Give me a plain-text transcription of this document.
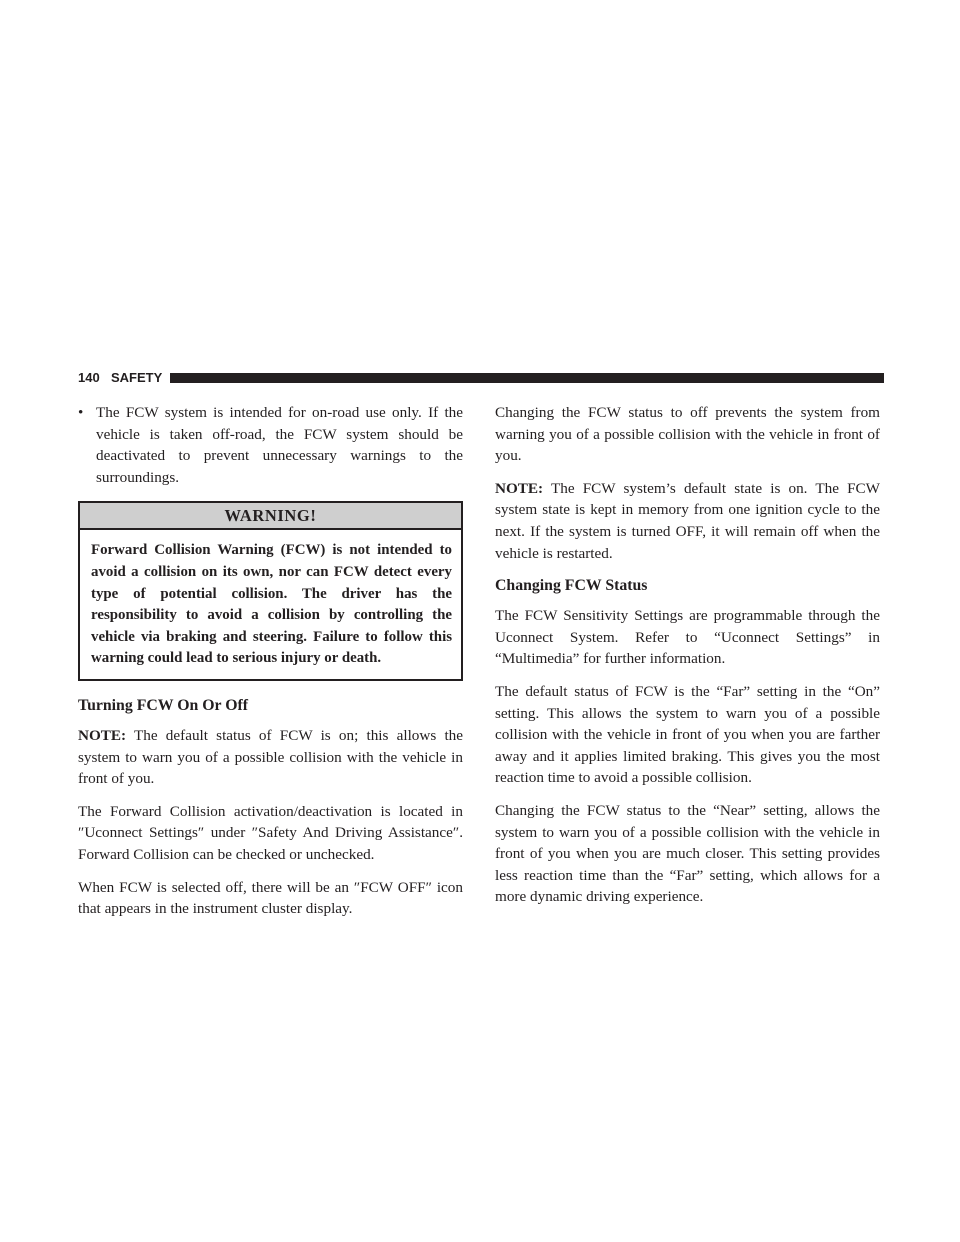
140 SAFETY
• The FCW system is intended for on-road use only. If the vehicle is taken off-road, the FCW system should be deactivated to prevent unnecessary warnings to the surroundings.
WARNING!
Forward Collision Warning (FCW) is not intended to avoid a collision on its own, nor can FCW detect every type of potential collision. The driver has the responsibility to avoid a collision by controlling the vehicle via braking and steering. Failure to follow this warning could lead to serious injury or death.
Turning FCW On Or Off

NOTE: The default status of FCW is on; this allows the system to warn you of a possible collision with the vehicle in front of you.

The Forward Collision activation/deactivation is located in ″Uconnect Settings″ under ″Safety And Driving Assistance″. Forward Collision can be checked or unchecked.

When FCW is selected off, there will be an ″FCW OFF″ icon that appears in the instrument cluster display.

Changing the FCW status to off prevents the system from warning you of a possible collision with the vehicle in front of you.

NOTE: The FCW system’s default state is on. The FCW system state is kept in memory from one ignition cycle to the next. If the system is turned OFF, it will remain off when the vehicle is restarted.

Changing FCW Status

The FCW Sensitivity Settings are programmable through the Uconnect System. Refer to “Uconnect Settings” in “Multimedia” for further information.

The default status of FCW is the “Far” setting in the “On” setting. This allows the system to warn you of a possible collision with the vehicle in front of you when you are farther away and it applies limited braking. This gives you the most reaction time to avoid a possible collision.

Changing the FCW status to the “Near” setting, allows the system to warn you of a possible collision with the vehicle in front of you when you are much closer. This setting provides less reaction time than the “Far” setting, which allows for a more dynamic driving experience.
